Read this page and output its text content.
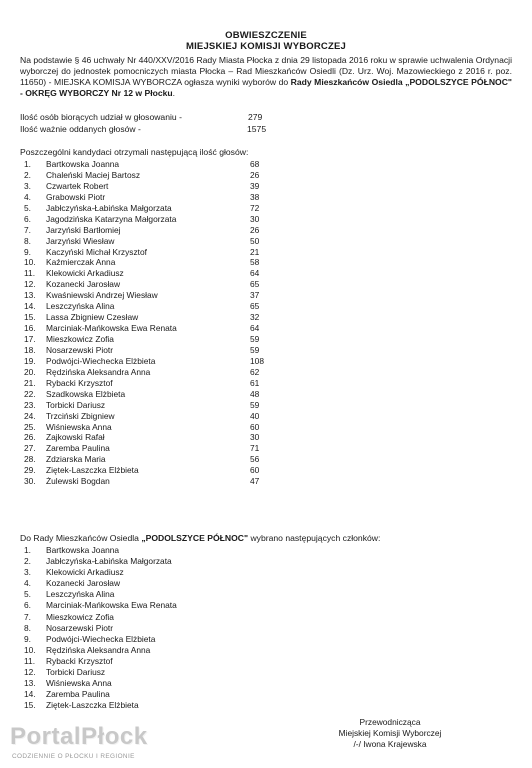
OBWIESZCZENIE
MIEJSKIEJ KOMISJI WYBORCZEJ
Na podstawie § 46 uchwały Nr 440/XXV/2016 Rady Miasta Płocka z dnia 29 listopada 2016 roku w sprawie uchwalenia Ordynacji wyborczej do jednostek pomocniczych miasta Płocka – Rad Mieszkańców Osiedli (Dz. Urz. Woj. Mazowieckiego z 2016 r. poz. 11650) - MIEJSKA KOMISJA WYBORCZA ogłasza wyniki wyborów do Rady Mieszkańców Osiedla „PODOLSZYCE PÓŁNOC" - OKRĘG WYBORCZY Nr 12 w Płocku.
Ilość osób biorących udział w głosowaniu -	279
Ilość ważnie oddanych głosów -	1575
Poszczególni kandydaci otrzymali następującą ilość głosów:
1. Bartkowska Joanna	68
2. Chaleński Maciej Bartosz	26
3. Czwartek Robert	39
4. Grabowski Piotr	38
5. Jabłczyńska-Łabińska Małgorzata	72
6. Jagodzińska Katarzyna Małgorzata	30
7. Jarzyński Bartłomiej	26
8. Jarzyński Wiesław	50
9. Kaczyński Michał Krzysztof	21
10. Kaźmierczak Anna	58
11. Klekowicki Arkadiusz	64
12. Kozanecki Jarosław	65
13. Kwaśniewski Andrzej Wiesław	37
14. Leszczyńska Alina	65
15. Lassa Zbigniew Czesław	32
16. Marciniak-Mańkowska Ewa Renata	64
17. Mieszkowicz Zofia	59
18. Nosarzewski Piotr	59
19. Podwójci-Wiechecka Elżbieta	108
20. Rędzińska Aleksandra Anna	62
21. Rybacki Krzysztof	61
22. Szadkowska Elżbieta	48
23. Torbicki Dariusz	59
24. Trzciński Zbigniew	40
25. Wiśniewska Anna	60
26. Zajkowski Rafał	30
27. Zaremba Paulina	71
28. Zdziarska Maria	56
29. Ziętek-Laszczka Elżbieta	60
30. Żulewski Bogdan	47
Do Rady Mieszkańców Osiedla „PODOLSZYCE PÓŁNOC" wybrano następujących członków:
1. Bartkowska Joanna
2. Jabłczyńska-Łabińska Małgorzata
3. Klekowicki Arkadiusz
4. Kozanecki Jarosław
5. Leszczyńska Alina
6. Marciniak-Mańkowska Ewa Renata
7. Mieszkowicz Zofia
8. Nosarzewski Piotr
9. Podwójci-Wiechecka Elżbieta
10. Rędzińska Aleksandra Anna
11. Rybacki Krzysztof
12. Torbicki Dariusz
13. Wiśniewska Anna
14. Zaremba Paulina
15. Ziętek-Laszczka Elżbieta
Przewodnicząca
Miejskiej Komisji Wyborczej
/-/ Iwona Krajewska
PortalPłock
CODZIENNIE O PŁOCKU I REGIONIE
